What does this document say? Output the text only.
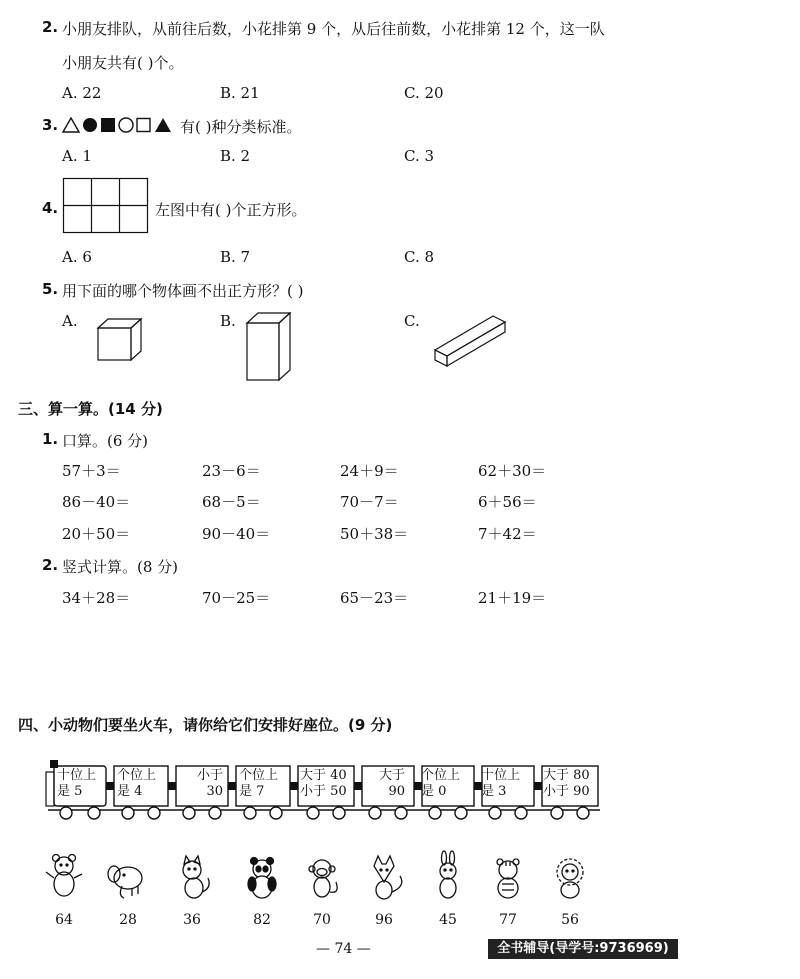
2. 小朋友排队，从前往后数，小花排第 9 个，从后往前数，小花排第 12 个，这一队
小朋友共有( )个。
A. 22	B. 21	C. 20
3.	有( )种分类标准。
A. 1	B. 2	C. 3
4.	左图中有( )个正方形。
A. 6	B. 7	C. 8
5. 用下面的哪个物体画不出正方形？( )
A.	B.	C.
三、算一算。(14 分)
1. 口算。(6 分)
57＋3＝	23－6＝	24＋9＝	62＋30＝
86－40＝	68－5＝	70－7＝	6＋56＝
20＋50＝	90－40＝	50＋38＝	7＋42＝
2. 竖式计算。(8 分)
34＋28＝	70－25＝	65－23＝	21＋19＝
四、小动物们要坐火车，请你给它们安排好座位。(9 分)
十位上
是 5
个位上
是 4
小于
30
个位上
是 7
大于 40
小于 50
大于
90
个位上
是 0
十位上
是 3
大于 80
小于 90
64	28	36	82	70	96	45	77	56
— 74 —	全书辅导(导学号:9736969)
